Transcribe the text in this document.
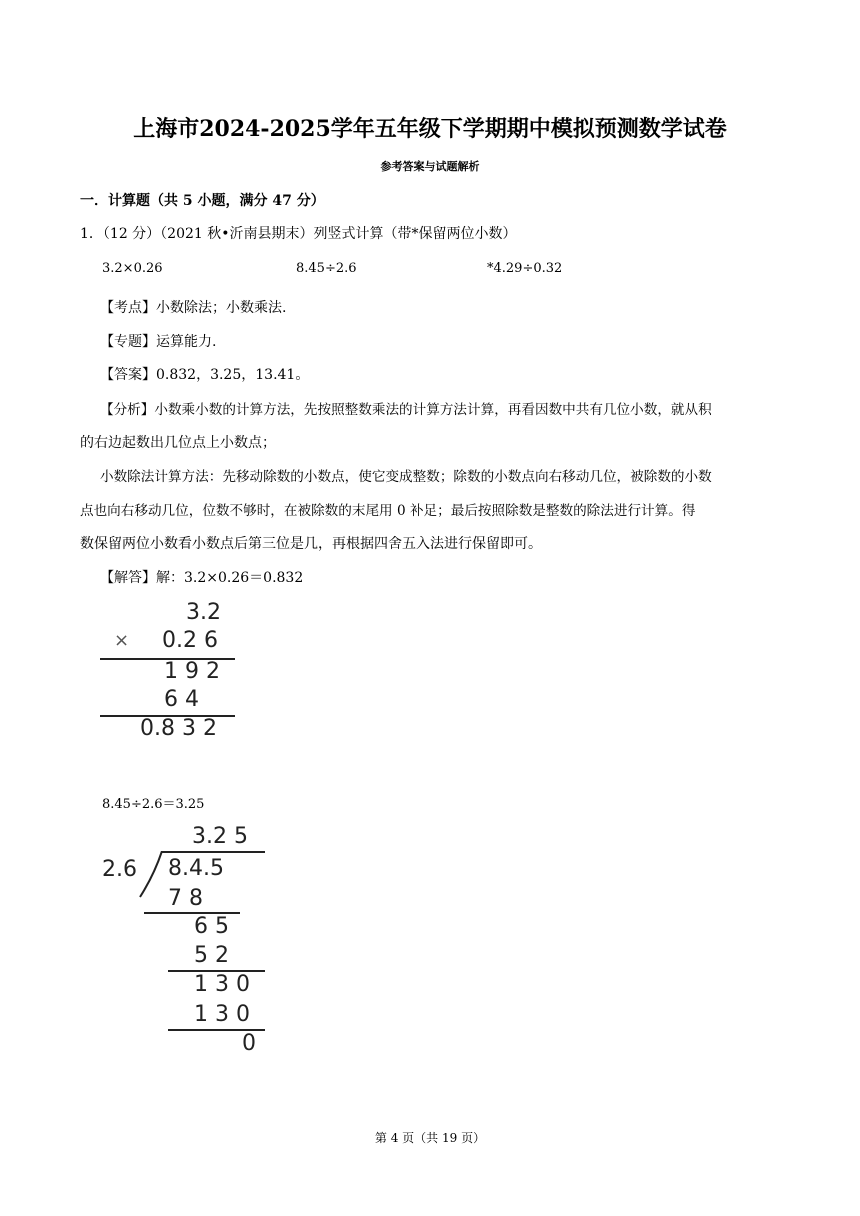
上海市2024-2025学年五年级下学期期中模拟预测数学试卷
参考答案与试题解析
一．计算题（共 5 小题，满分 47 分）
1．（12 分）（2021 秋•沂南县期末）列竖式计算（带*保留两位小数）
3.2×0.26	8.45÷2.6	*4.29÷0.32
【考点】小数除法；小数乘法.
【专题】运算能力.
【答案】0.832，3.25，13.41。
【分析】小数乘小数的计算方法，先按照整数乘法的计算方法计算，再看因数中共有几位小数，就从积
的右边起数出几位点上小数点；
小数除法计算方法：先移动除数的小数点，使它变成整数；除数的小数点向右移动几位，被除数的小数
点也向右移动几位，位数不够时，在被除数的末尾用 0 补足；最后按照除数是整数的除法进行计算。得
数保留两位小数看小数点后第三位是几，再根据四舍五入法进行保留即可。
【解答】解：3.2×0.26＝0.832
3.2
× 0.2 6
1 9 2
6 4
0.8 3 2
8.45÷2.6＝3.25
3.2 5
2.6 8.4.5
7 8
6 5
5 2
1 3 0
1 3 0
0
第 4 页（共 19 页）
